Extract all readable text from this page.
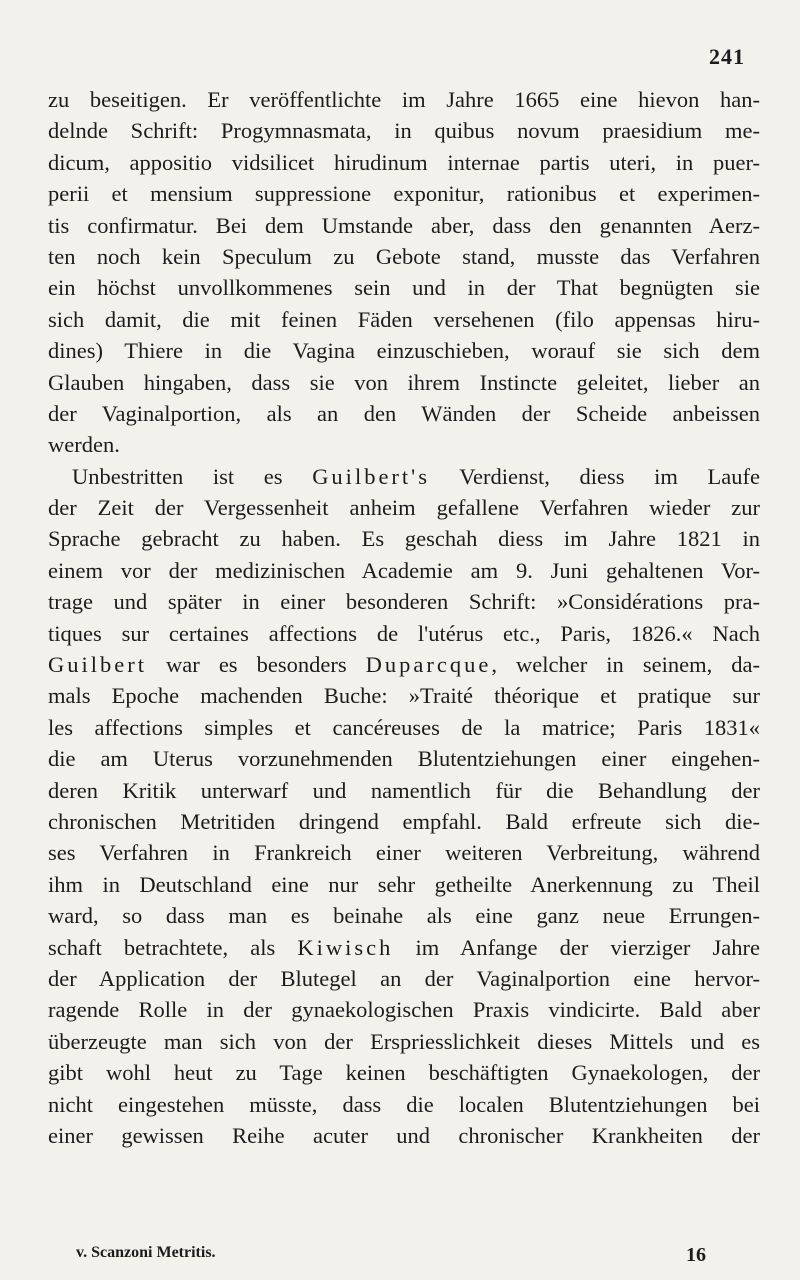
241
zu beseitigen. Er veröffentlichte im Jahre 1665 eine hievon han-
delnde Schrift: Progymnasmata, in quibus novum praesidium me-
dicum, appositio vidsilicet hirudinum internae partis uteri, in puer-
perii et mensium suppressione exponitur, rationibus et experimen-
tis confirmatur. Bei dem Umstande aber, dass den genannten Aerz-
ten noch kein Speculum zu Gebote stand, musste das Verfahren
ein höchst unvollkommenes sein und in der That begnügten sie
sich damit, die mit feinen Fäden versehenen (filo appensas hiru-
dines) Thiere in die Vagina einzuschieben, worauf sie sich dem
Glauben hingaben, dass sie von ihrem Instincte geleitet, lieber an
der Vaginalportion, als an den Wänden der Scheide anbeissen
werden.
Unbestritten ist es Guilbert's Verdienst, diess im Laufe
der Zeit der Vergessenheit anheim gefallene Verfahren wieder zur
Sprache gebracht zu haben. Es geschah diess im Jahre 1821 in
einem vor der medizinischen Academie am 9. Juni gehaltenen Vor-
trage und später in einer besonderen Schrift: »Considérations pra-
tiques sur certaines affections de l'utérus etc., Paris, 1826.« Nach
Guilbert war es besonders Duparcque, welcher in seinem, da-
mals Epoche machenden Buche: »Traité théorique et pratique sur
les affections simples et cancéreuses de la matrice; Paris 1831«
die am Uterus vorzunehmenden Blutentziehungen einer eingehen-
deren Kritik unterwarf und namentlich für die Behandlung der
chronischen Metritiden dringend empfahl. Bald erfreute sich die-
ses Verfahren in Frankreich einer weiteren Verbreitung, während
ihm in Deutschland eine nur sehr getheilte Anerkennung zu Theil
ward, so dass man es beinahe als eine ganz neue Errungen-
schaft betrachtete, als Kiwisch im Anfange der vierziger Jahre
der Application der Blutegel an der Vaginalportion eine hervor-
ragende Rolle in der gynaekologischen Praxis vindicirte. Bald aber
überzeugte man sich von der Erspriesslichkeit dieses Mittels und es
gibt wohl heut zu Tage keinen beschäftigten Gynaekologen, der
nicht eingestehen müsste, dass die localen Blutentziehungen bei
einer gewissen Reihe acuter und chronischer Krankheiten der
v. Scanzoni Metritis.	16
